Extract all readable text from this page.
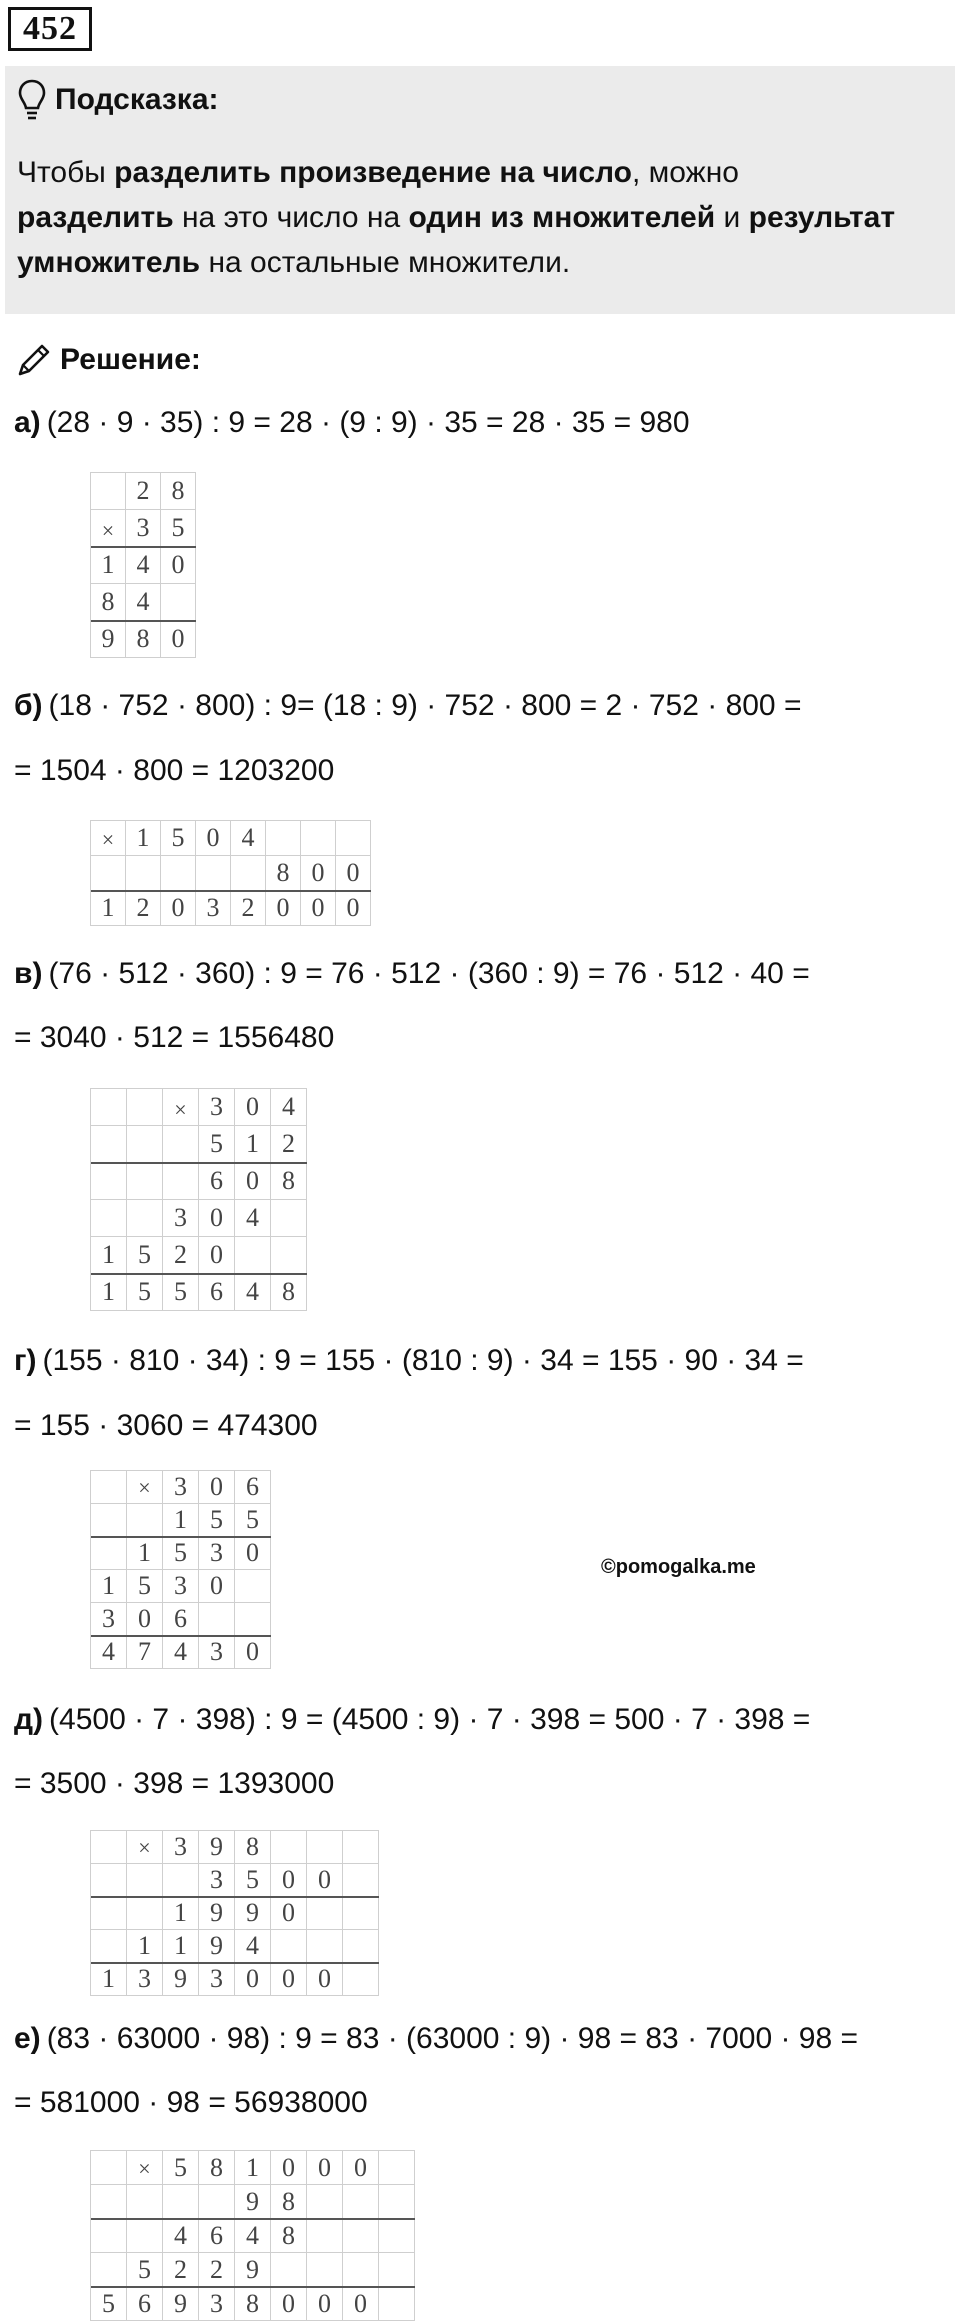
452
Подсказка:
Чтобы разделить произведение на число, можно
разделить на это число на один из множителей и результат умножитель на остальные множители.
Решение:
а) (28 · 9 · 35) : 9 = 28 · (9 : 9) · 35 = 28 · 35 = 980
б) (18 · 752 · 800) : 9= (18 : 9) · 752 · 800 = 2 · 752 · 800 =
= 1504 · 800 = 1203200
в) (76 · 512 · 360) : 9 = 76 · 512 · (360 : 9) = 76 · 512 · 40 =
= 3040 · 512 = 1556480
г) (155 · 810 · 34) : 9 = 155 · (810 : 9) · 34 = 155 · 90 · 34 =
= 155 · 3060 = 474300
д) (4500 · 7 · 398) : 9 = (4500 : 9) · 7 · 398 = 500 · 7 · 398 =
= 3500 · 398 = 1393000
е) (83 · 63000 · 98) : 9 = 83 · (63000 : 9) · 98 = 83 · 7000 · 98 =
= 581000 · 98 = 56938000
2 8
× 3 5
1 4 0
8 4
9 8 0
× 1 5 0 4
8 0 0
1 2 0 3 2 0 0 0
× 3 0 4
5 1 2
6 0 8
3 0 4
1 5 2 0
1 5 5 6 4 8
× 3 0 6
1 5 5
1 5 3 0
1 5 3 0
3 0 6
4 7 4 3 0
× 3 9 8
3 5 0 0
1 9 9 0
1 1 9 4
1 3 9 3 0 0 0
× 5 8 1 0 0 0
9 8
4 6 4 8
5 2 2 9
5 6 9 3 8 0 0 0
©pomogalka.me
